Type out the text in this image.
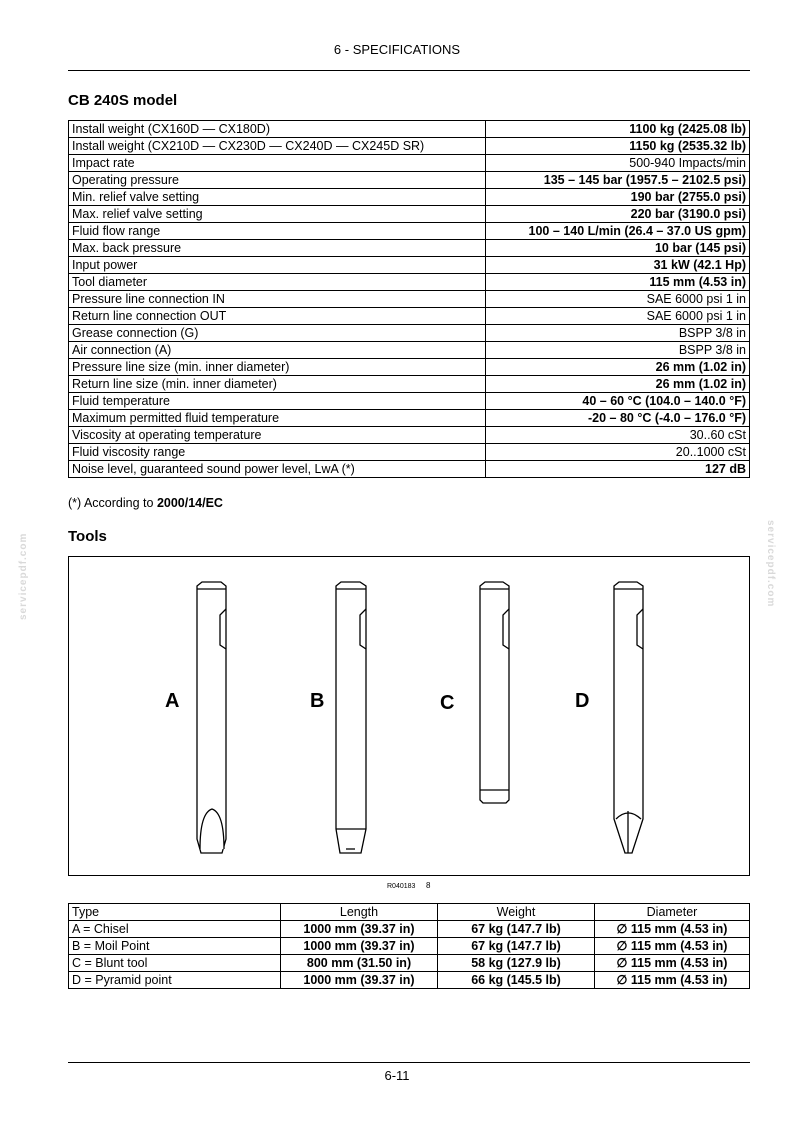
6 - SPECIFICATIONS
servicepdf.com	servicepdf.com
CB 240S model
Install weight (CX160D — CX180D)	1100 kg (2425.08 lb)
Install weight (CX210D — CX230D — CX240D — CX245D SR)	1150 kg (2535.32 lb)
Impact rate	500-940 Impacts/min
Operating pressure	135 – 145 bar (1957.5 – 2102.5 psi)
Min. relief valve setting	190 bar (2755.0 psi)
Max. relief valve setting	220 bar (3190.0 psi)
Fluid flow range	100 – 140 L/min (26.4 – 37.0 US gpm)
Max. back pressure	10 bar (145 psi)
Input power	31 kW (42.1 Hp)
Tool diameter	115 mm (4.53 in)
Pressure line connection IN	SAE 6000 psi 1 in
Return line connection OUT	SAE 6000 psi 1 in
Grease connection (G)	BSPP 3/8 in
Air connection (A)	BSPP 3/8 in
Pressure line size (min. inner diameter)	26 mm (1.02 in)
Return line size (min. inner diameter)	26 mm (1.02 in)
Fluid temperature	40 – 60 °C (104.0 – 140.0 °F)
Maximum permitted fluid temperature	-20 – 80 °C (-4.0 – 176.0 °F)
Viscosity at operating temperature	30..60 cSt
Fluid viscosity range	20..1000 cSt
Noise level, guaranteed sound power level, LwA (*)	127 dB
(*) According to 2000/14/EC
Tools
A	B	C	D
R040183 8
Type	Length	Weight	Diameter
A = Chisel	1000 mm (39.37 in)	67 kg (147.7 lb)	∅ 115 mm (4.53 in)
B = Moil Point	1000 mm (39.37 in)	67 kg (147.7 lb)	∅ 115 mm (4.53 in)
C = Blunt tool	800 mm (31.50 in)	58 kg (127.9 lb)	∅ 115 mm (4.53 in)
D = Pyramid point	1000 mm (39.37 in)	66 kg (145.5 lb)	∅ 115 mm (4.53 in)
6-11
